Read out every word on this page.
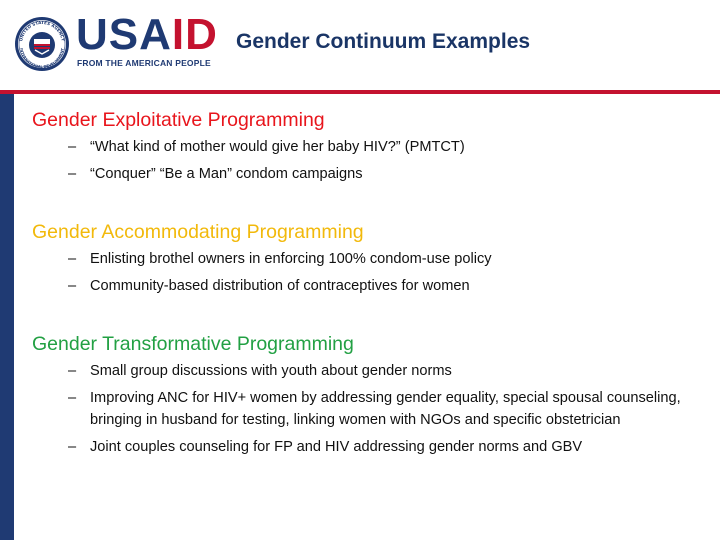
UNITED STATES AGENCY
INTERNATIONAL DEVELOPMENT USAID
FROM THE AMERICAN PEOPLE
Gender Continuum Examples
Gender Exploitative Programming
– “What kind of mother would give her baby HIV?” (PMTCT)
– “Conquer” “Be a Man” condom campaigns
Gender Accommodating Programming
– Enlisting brothel owners in enforcing 100% condom-use policy
– Community-based distribution of contraceptives for women
Gender Transformative Programming
– Small group discussions with youth about gender norms
– Improving ANC for HIV+ women by addressing gender equality, special spousal counseling, bringing in husband for testing, linking women with NGOs and specific obstetrician
– Joint couples counseling for FP and HIV addressing gender norms and GBV
